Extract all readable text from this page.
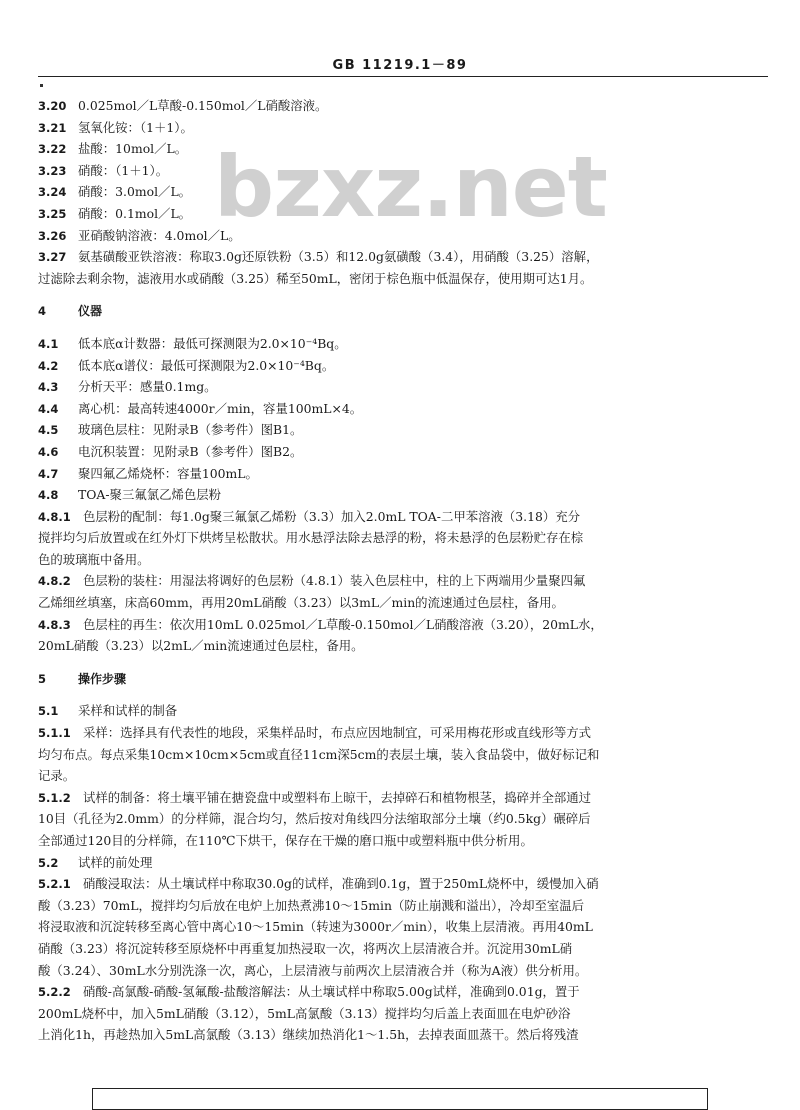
GB 11219.1－89
bzxz.net
3.20 0.025mol／L草酸-0.150mol／L硝酸溶液。
3.21 氢氧化铵：（1＋1）。
3.22 盐酸：10mol／L。
3.23 硝酸：（1＋1）。
3.24 硝酸：3.0mol／L。
3.25 硝酸：0.1mol／L。
3.26 亚硝酸钠溶液：4.0mol／L。
3.27 氨基磺酸亚铁溶液：称取3.0g还原铁粉（3.5）和12.0g氨磺酸（3.4），用硝酸（3.25）溶解，
过滤除去剩余物，滤液用水或硝酸（3.25）稀至50mL，密闭于棕色瓶中低温保存，使用期可达1月。
4	仪器
4.1 低本底α计数器：最低可探测限为2.0×10⁻⁴Bq。
4.2 低本底α谱仪：最低可探测限为2.0×10⁻⁴Bq。
4.3 分析天平：感量0.1mg。
4.4 离心机：最高转速4000r／min，容量100mL×4。
4.5 玻璃色层柱：见附录B（参考件）图B1。
4.6 电沉积装置：见附录B（参考件）图B2。
4.7 聚四氟乙烯烧杯：容量100mL。
4.8 TOA-聚三氟氯乙烯色层粉
4.8.1 色层粉的配制：每1.0g聚三氟氯乙烯粉（3.3）加入2.0mL TOA-二甲苯溶液（3.18）充分
搅拌均匀后放置或在红外灯下烘烤呈松散状。用水悬浮法除去悬浮的粉，将未悬浮的色层粉贮存在棕
色的玻璃瓶中备用。
4.8.2 色层粉的装柱：用湿法将调好的色层粉（4.8.1）装入色层柱中，柱的上下两端用少量聚四氟
乙烯细丝填塞，床高60mm，再用20mL硝酸（3.23）以3mL／min的流速通过色层柱，备用。
4.8.3 色层柱的再生：依次用10mL 0.025mol／L草酸-0.150mol／L硝酸溶液（3.20），20mL水，
20mL硝酸（3.23）以2mL／min流速通过色层柱，备用。
5	操作步骤
5.1 采样和试样的制备
5.1.1 采样：选择具有代表性的地段，采集样品时，布点应因地制宜，可采用梅花形或直线形等方式
均匀布点。每点采集10cm×10cm×5cm或直径11cm深5cm的表层土壤，装入食品袋中，做好标记和
记录。
5.1.2 试样的制备：将土壤平铺在搪瓷盘中或塑料布上晾干，去掉碎石和植物根茎，捣碎并全部通过
10目（孔径为2.0mm）的分样筛，混合均匀，然后按对角线四分法缩取部分土壤（约0.5kg）碾碎后
全部通过120目的分样筛，在110℃下烘干，保存在干燥的磨口瓶中或塑料瓶中供分析用。
5.2 试样的前处理
5.2.1 硝酸浸取法：从土壤试样中称取30.0g的试样，准确到0.1g，置于250mL烧杯中，缓慢加入硝
酸（3.23）70mL，搅拌均匀后放在电炉上加热煮沸10～15min（防止崩溅和溢出），冷却至室温后
将浸取液和沉淀转移至离心管中离心10～15min（转速为3000r／min），收集上层清液。再用40mL
硝酸（3.23）将沉淀转移至原烧杯中再重复加热浸取一次，将两次上层清液合并。沉淀用30mL硝
酸（3.24）、30mL水分别洗涤一次，离心，上层清液与前两次上层清液合并（称为A液）供分析用。
5.2.2 硝酸-高氯酸-硝酸-氢氟酸-盐酸溶解法：从土壤试样中称取5.00g试样，准确到0.01g，置于
200mL烧杯中，加入5mL硝酸（3.12），5mL高氯酸（3.13）搅拌均匀后盖上表面皿在电炉砂浴
上消化1h，再趁热加入5mL高氯酸（3.13）继续加热消化1～1.5h，去掉表面皿蒸干。然后将残渣
